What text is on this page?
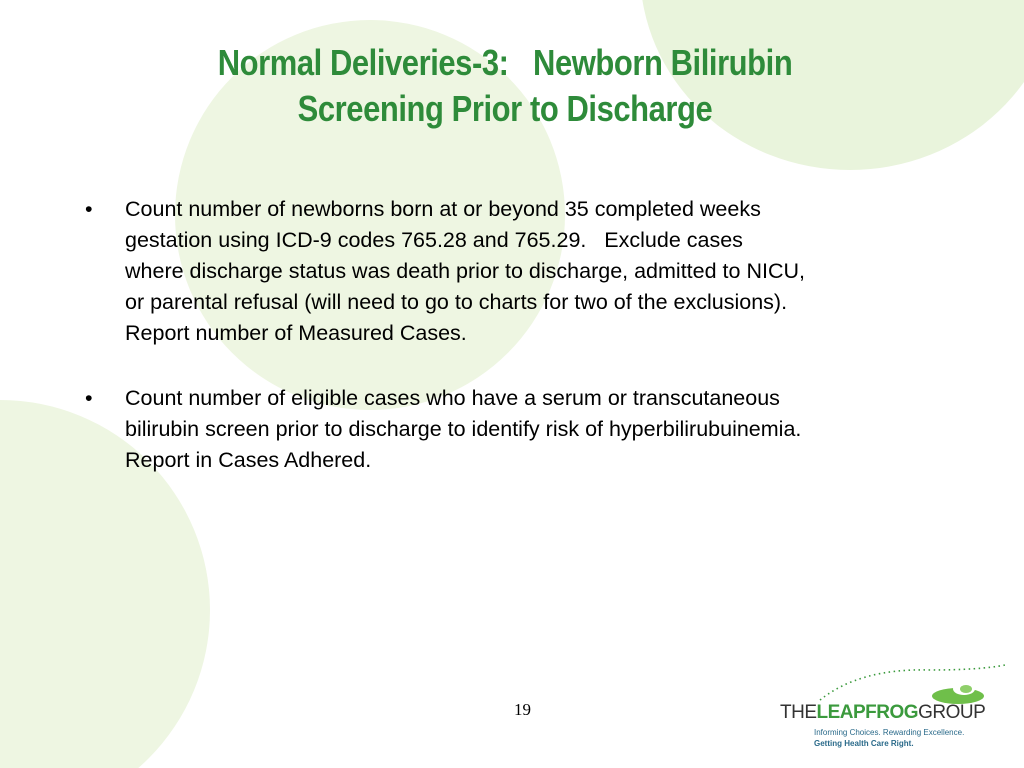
Normal Deliveries-3:   Newborn Bilirubin
Screening Prior to Discharge
• Count number of newborns born at or beyond 35 completed weeks
gestation using ICD-9 codes 765.28 and 765.29.   Exclude cases
where discharge status was death prior to discharge, admitted to NICU,
or parental refusal (will need to go to charts for two of the exclusions).
Report number of Measured Cases.
• Count number of eligible cases who have a serum or transcutaneous
bilirubin screen prior to discharge to identify risk of hyperbilirubuinemia.
Report in Cases Adhered.
19	THELEAPFROGGROUP
Informing Choices. Rewarding Excellence.
Getting Health Care Right.
